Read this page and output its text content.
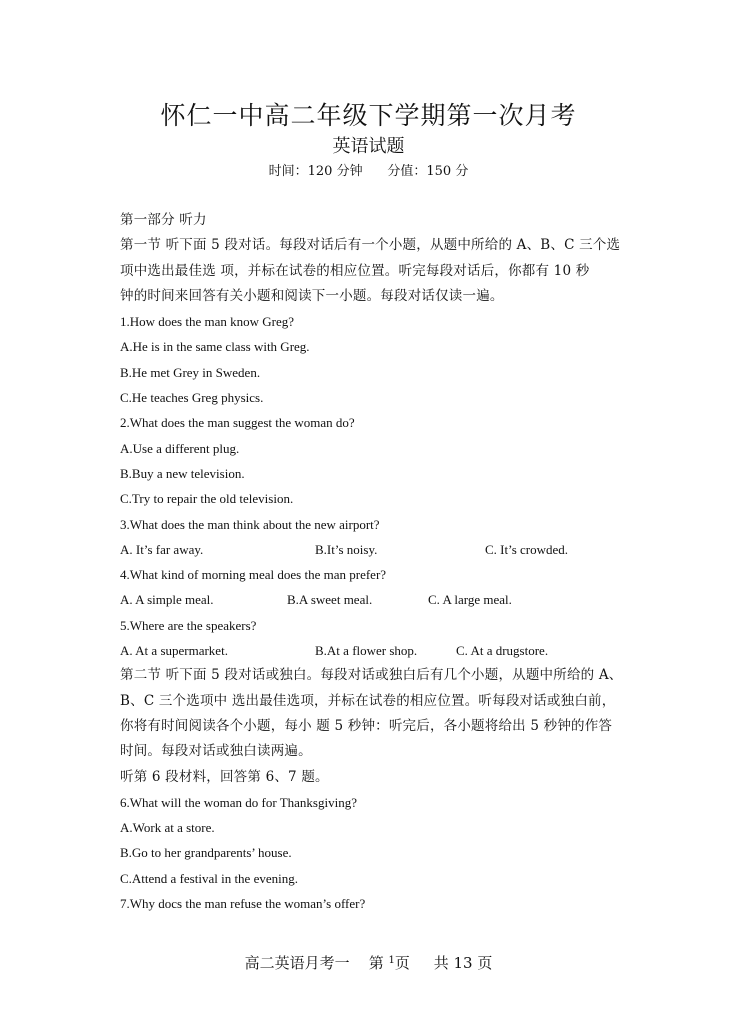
怀仁一中高二年级下学期第一次月考
英语试题
时间：120 分钟 分值：150 分
第一部分 听力
第一节 听下面 5 段对话。每段对话后有一个小题，从题中所给的 A、B、C 三个选
项中选出最佳选 项，并标在试卷的相应位置。听完每段对话后，你都有 10 秒
钟的时间来回答有关小题和阅读下一小题。每段对话仅读一遍。
1.How does the man know Greg?
A.He is in the same class with Greg.
B.He met Grey in Sweden.
C.He teaches Greg physics.
2.What does the man suggest the woman do?
A.Use a different plug.
B.Buy a new television.
C.Try to repair the old television.
3.What does the man think about the new airport?
A. It’s far away.	B.It’s noisy.	C. It’s crowded.
4.What kind of morning meal does the man prefer?
A. A simple meal.	B.A sweet meal.	C. A large meal.
5.Where are the speakers?
A. At a supermarket.	B.At a flower shop.	C. At a drugstore.
第二节 听下面 5 段对话或独白。每段对话或独白后有几个小题，从题中所给的 A、
B、C 三个选项中 选出最佳选项，并标在试卷的相应位置。听每段对话或独白前，
你将有时间阅读各个小题，每小 题 5 秒钟：听完后，各小题将给出 5 秒钟的作答
时间。每段对话或独白读两遍。
听第 6 段材料，回答第 6、7 题。
6.What will the woman do for Thanksgiving?
A.Work at a store.
B.Go to her grandparents’ house.
C.Attend a festival in the evening.
7.Why docs the man refuse the woman’s offer?
高二英语月考一 第 $^1$页 共 13 页
